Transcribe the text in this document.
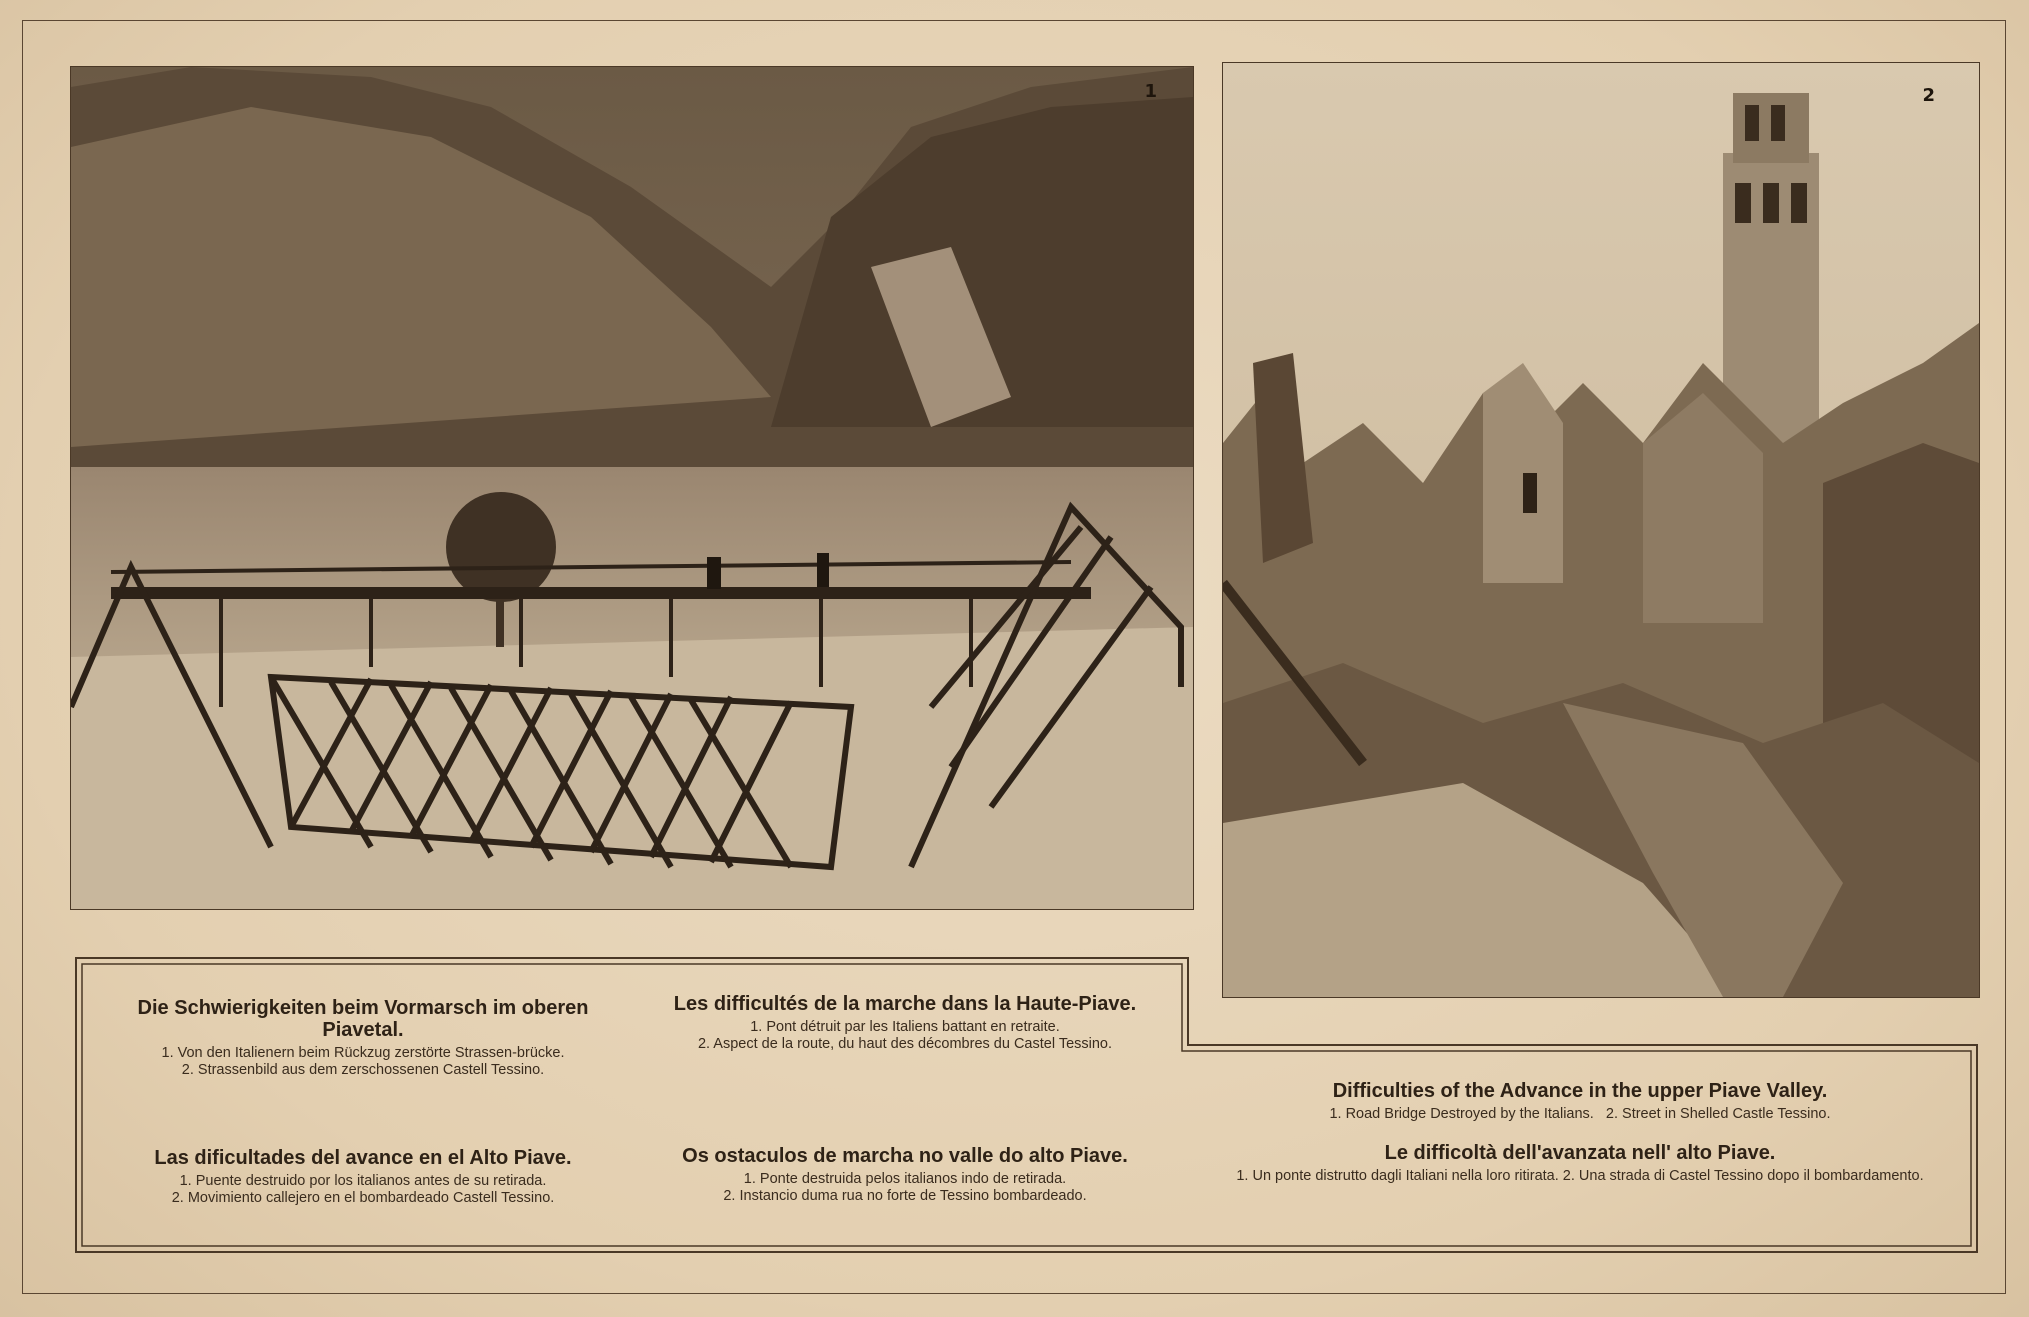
1	2
Die Schwierigkeiten beim Vormarsch im oberen Piavetal.

1. Von den Italienern beim Rückzug zerstörte Strassen-brücke.
2. Strassenbild aus dem zerschossenen Castell Tessino.

Les difficultés de la marche dans la Haute-Piave.

1. Pont détruit par les Italiens battant en retraite.
2. Aspect de la route, du haut des décombres du Castel Tessino.

Las dificultades del avance en el Alto Piave.

1. Puente destruido por los italianos antes de su retirada.
2. Movimiento callejero en el bombardeado Castell Tessino.

Os ostaculos de marcha no valle do alto Piave.

1. Ponte destruida pelos italianos indo de retirada.
2. Instancio duma rua no forte de Tessino bombardeado.

Difficulties of the Advance in the upper Piave Valley.

1. Road Bridge Destroyed by the Italians.   2. Street in Shelled Castle Tessino.

Le difficoltà dell'avanzata nell' alto Piave.

1. Un ponte distrutto dagli Italiani nella loro ritirata. 2. Una strada di Castel Tessino dopo il bombardamento.
